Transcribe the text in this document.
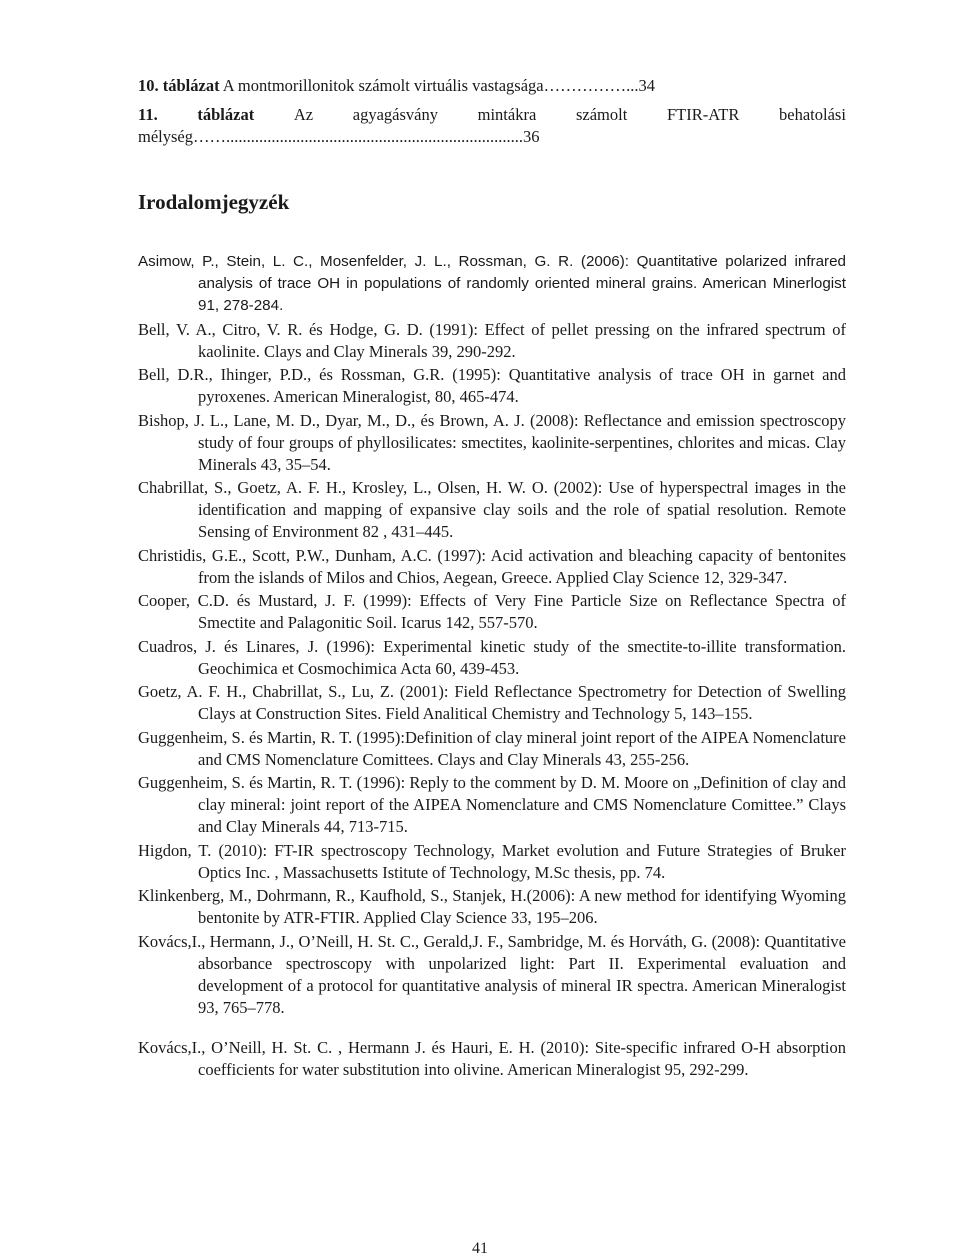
10. táblázat A montmorillonitok számolt virtuális vastagsága……………...34
11. táblázat Az agyagásvány mintákra számolt FTIR-ATR behatolási
mélység……........................................................................36
Irodalomjegyzék

Asimow, P., Stein, L. C., Mosenfelder, J. L., Rossman, G. R. (2006): Quantitative polarized infrared analysis of trace OH in populations of randomly oriented mineral grains. American Minerlogist 91, 278-284.

Bell, V. A., Citro, V. R. és Hodge, G. D. (1991): Effect of pellet pressing on the infrared spectrum of kaolinite. Clays and Clay Minerals 39, 290-292.

Bell, D.R., Ihinger, P.D., és Rossman, G.R. (1995): Quantitative analysis of trace OH in garnet and pyroxenes. American Mineralogist, 80, 465-474.

Bishop, J. L., Lane, M. D., Dyar, M., D., és Brown, A. J. (2008): Reflectance and emission spectroscopy study of four groups of phyllosilicates: smectites, kaolinite-serpentines, chlorites and micas. Clay Minerals 43, 35–54.

Chabrillat, S., Goetz, A. F. H., Krosley, L., Olsen, H. W. O. (2002): Use of hyperspectral images in the identification and mapping of expansive clay soils and the role of spatial resolution. Remote Sensing of Environment 82 , 431–445.

Christidis, G.E., Scott, P.W., Dunham, A.C. (1997): Acid activation and bleaching capacity of bentonites from the islands of Milos and Chios, Aegean, Greece. Applied Clay Science 12, 329-347.

Cooper, C.D. és Mustard, J. F. (1999): Effects of Very Fine Particle Size on Reflectance Spectra of Smectite and Palagonitic Soil. Icarus 142, 557-570.

Cuadros, J. és Linares, J. (1996): Experimental kinetic study of the smectite-to-illite transformation. Geochimica et Cosmochimica Acta 60, 439-453.

Goetz, A. F. H., Chabrillat, S., Lu, Z. (2001): Field Reflectance Spectrometry for Detection of Swelling Clays at Construction Sites. Field Analitical Chemistry and Technology 5, 143–155.

Guggenheim, S. és Martin, R. T. (1995):Definition of clay mineral joint report of the AIPEA Nomenclature and CMS Nomenclature Comittees. Clays and Clay Minerals 43, 255-256.

Guggenheim, S. és Martin, R. T. (1996): Reply to the comment by D. M. Moore on „Definition of clay and clay mineral: joint report of the AIPEA Nomenclature and CMS Nomenclature Comittee.” Clays and Clay Minerals 44, 713-715.

Higdon, T. (2010): FT-IR spectroscopy Technology, Market evolution and Future Strategies of Bruker Optics Inc. , Massachusetts Istitute of Technology, M.Sc thesis, pp. 74.

Klinkenberg, M., Dohrmann, R., Kaufhold, S., Stanjek, H.(2006): A new method for identifying Wyoming bentonite by ATR-FTIR. Applied Clay Science 33, 195–206.

Kovács,I., Hermann, J., O’Neill, H. St. C., Gerald,J. F., Sambridge, M. és Horváth, G. (2008): Quantitative absorbance spectroscopy with unpolarized light: Part II. Experimental evaluation and development of a protocol for quantitative analysis of mineral IR spectra. American Mineralogist 93, 765–778.

Kovács,I., O’Neill, H. St. C. , Hermann J. és Hauri, E. H. (2010): Site-specific infrared O-H absorption coefficients for water substitution into olivine. American Mineralogist 95, 292-299.

41
